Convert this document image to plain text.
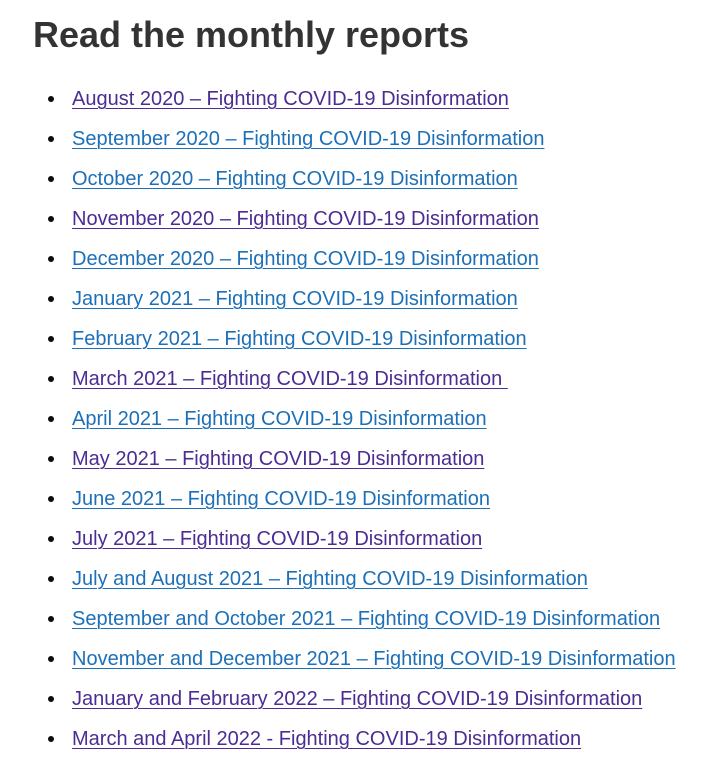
Read the monthly reports
August 2020 – Fighting COVID-19 Disinformation
September 2020 – Fighting COVID-19 Disinformation
October 2020 – Fighting COVID-19 Disinformation
November 2020 – Fighting COVID-19 Disinformation
December 2020 – Fighting COVID-19 Disinformation
January 2021 – Fighting COVID-19 Disinformation
February 2021 – Fighting COVID-19 Disinformation
March 2021 – Fighting COVID-19 Disinformation
April 2021 – Fighting COVID-19 Disinformation
May 2021 – Fighting COVID-19 Disinformation
June 2021 – Fighting COVID-19 Disinformation
July 2021 – Fighting COVID-19 Disinformation
July and August 2021 – Fighting COVID-19 Disinformation
September and October 2021 – Fighting COVID-19 Disinformation
November and December 2021 – Fighting COVID-19 Disinformation
January and February 2022 – Fighting COVID-19 Disinformation
March and April 2022 - Fighting COVID-19 Disinformation
